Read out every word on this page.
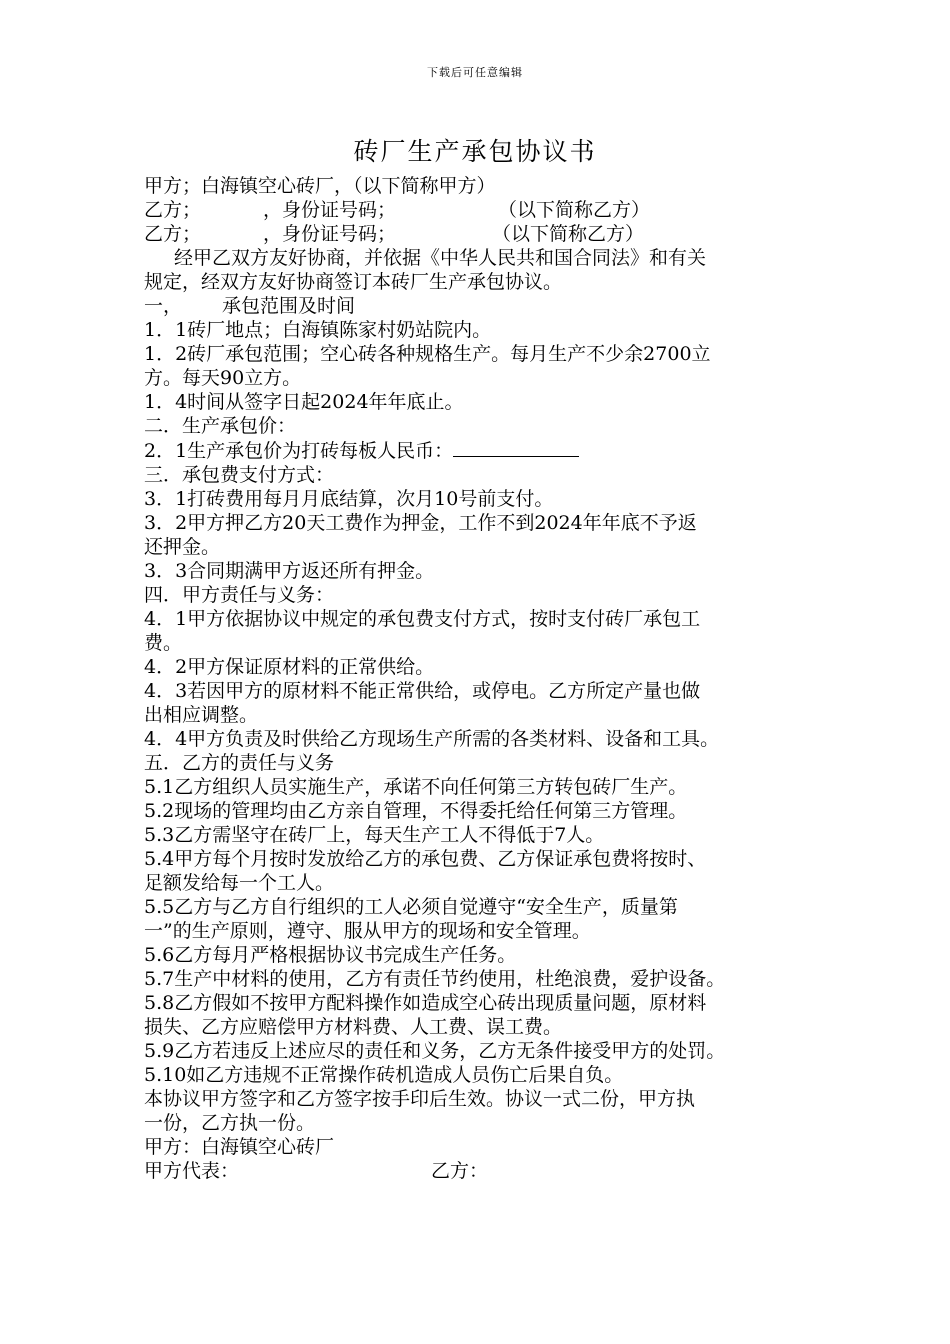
下载后可任意编辑
砖厂生产承包协议书
甲方；白海镇空心砖厂，（以下简称甲方）
乙方；	，身份证号码；	（以下简称乙方）
乙方；	，身份证号码；	（以下简称乙方）
经甲乙双方友好协商，并依据《中华人民共和国合同法》和有关
规定，经双方友好协商签订本砖厂生产承包协议。
一， 承包范围及时间
1．1砖厂地点；白海镇陈家村奶站院内。
1．2砖厂承包范围；空心砖各种规格生产。每月生产不少余2700立
方。每天90立方。
1．4时间从签字日起2024年年底止。
二．生产承包价：
2．1生产承包价为打砖每板人民币：
三．承包费支付方式：
3．1打砖费用每月月底结算，次月10号前支付。
3．2甲方押乙方20天工费作为押金，工作不到2024年年底不予返
还押金。
3．3合同期满甲方返还所有押金。
四．甲方责任与义务：
4．1甲方依据协议中规定的承包费支付方式，按时支付砖厂承包工
费。
4．2甲方保证原材料的正常供给。
4．3若因甲方的原材料不能正常供给，或停电。乙方所定产量也做
出相应调整。
4．4甲方负责及时供给乙方现场生产所需的各类材料、设备和工具。
五．乙方的责任与义务
5.1乙方组织人员实施生产，承诺不向任何第三方转包砖厂生产。
5.2现场的管理均由乙方亲自管理，不得委托给任何第三方管理。
5.3乙方需坚守在砖厂上，每天生产工人不得低于7人。
5.4甲方每个月按时发放给乙方的承包费、乙方保证承包费将按时、
足额发给每一个工人。
5.5乙方与乙方自行组织的工人必须自觉遵守“安全生产，质量第
一”的生产原则，遵守、服从甲方的现场和安全管理。
5.6乙方每月严格根据协议书完成生产任务。
5.7生产中材料的使用，乙方有责任节约使用，杜绝浪费，爱护设备。
5.8乙方假如不按甲方配料操作如造成空心砖出现质量问题，原材料
损失、乙方应赔偿甲方材料费、人工费、误工费。
5.9乙方若违反上述应尽的责任和义务，乙方无条件接受甲方的处罚。
5.10如乙方违规不正常操作砖机造成人员伤亡后果自负。
本协议甲方签字和乙方签字按手印后生效。协议一式二份，甲方执
一份，乙方执一份。
甲方：白海镇空心砖厂
甲方代表：	乙方：
